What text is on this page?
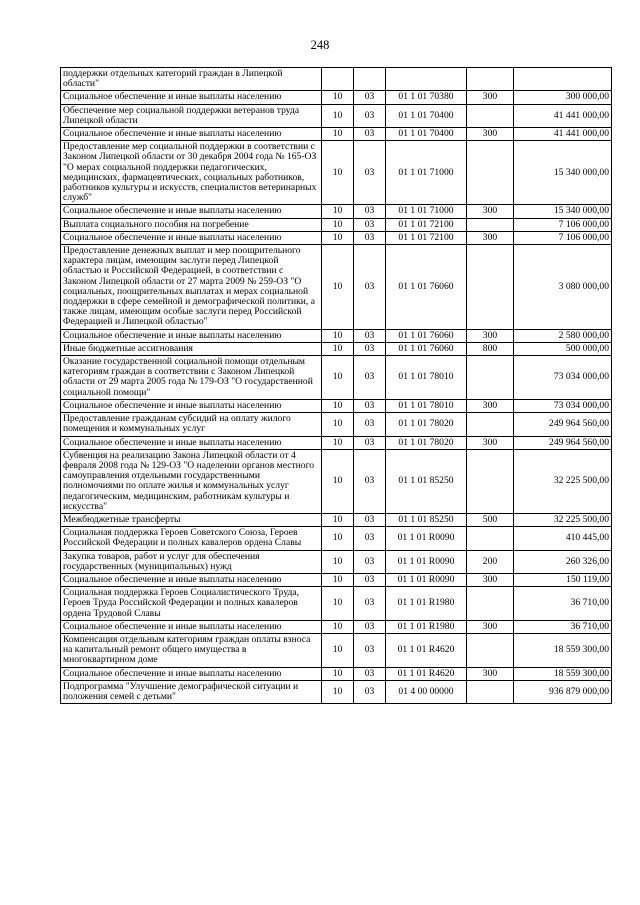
248
поддержки отдельных категорий граждан в Липецкой области"					
Социальное обеспечение и иные выплаты населению	10	03	01 1 01 70380	300	300 000,00
Обеспечение мер социальной поддержки ветеранов труда Липецкой области	10	03	01 1 01 70400		41 441 000,00
Социальное обеспечение и иные выплаты населению	10	03	01 1 01 70400	300	41 441 000,00
Предоставление мер социальной поддержки в соответствии с Законом Липецкой области от 30 декабря 2004 года № 165-ОЗ "О мерах социальной поддержки педагогических, медицинских, фармацевтических, социальных работников, работников культуры и искусств, специалистов ветеринарных служб"	10	03	01 1 01 71000		15 340 000,00
Социальное обеспечение и иные выплаты населению	10	03	01 1 01 71000	300	15 340 000,00
Выплата социального пособия на погребение	10	03	01 1 01 72100		7 106 000,00
Социальное обеспечение и иные выплаты населению	10	03	01 1 01 72100	300	7 106 000,00
Предоставление денежных выплат и мер поощрительного характера лицам, имеющим заслуги перед Липецкой областью и Российской Федерацией, в соответствии с Законом Липецкой области от 27 марта 2009 № 259-ОЗ "О социальных, поощрительных выплатах и мерах социальной поддержки в сфере семейной и демографической политики, а также лицам, имеющим особые заслуги перед Российской Федерацией и Липецкой областью"	10	03	01 1 01 76060		3 080 000,00
Социальное обеспечение и иные выплаты населению	10	03	01 1 01 76060	300	2 580 000,00
Иные бюджетные ассигнования	10	03	01 1 01 76060	800	500 000,00
Оказание государственной социальной помощи отдельным категориям граждан в соответствии с Законом Липецкой области от 29 марта 2005 года № 179-ОЗ "О государственной социальной помощи"	10	03	01 1 01 78010		73 034 000,00
Социальное обеспечение и иные выплаты населению	10	03	01 1 01 78010	300	73 034 000,00
Предоставление гражданам субсидий на оплату жилого помещения и коммунальных услуг	10	03	01 1 01 78020		249 964 560,00
Социальное обеспечение и иные выплаты населению	10	03	01 1 01 78020	300	249 964 560,00
Субвенция на реализацию Закона Липецкой области от 4 февраля 2008 года № 129-ОЗ "О наделении органов местного самоуправления отдельными государственными полномочиями по оплате жилья и коммунальных услуг педагогическим, медицинским, работникам культуры и искусства"	10	03	01 1 01 85250		32 225 500,00
Межбюджетные трансферты	10	03	01 1 01 85250	500	32 225 500,00
Социальная поддержка Героев Советского Союза, Героев Российской Федерации и полных кавалеров ордена Славы	10	03	01 1 01 R0090		410 445,00
Закупка товаров, работ и услуг для обеспечения государственных (муниципальных) нужд	10	03	01 1 01 R0090	200	260 326,00
Социальное обеспечение и иные выплаты населению	10	03	01 1 01 R0090	300	150 119,00
Социальная поддержка Героев Социалистического Труда, Героев Труда Российской Федерации и полных кавалеров ордена Трудовой Славы	10	03	01 1 01 R1980		36 710,00
Социальное обеспечение и иные выплаты населению	10	03	01 1 01 R1980	300	36 710,00
Компенсация отдельным категориям граждан оплаты взноса на капитальный ремонт общего имущества в многоквартирном доме	10	03	01 1 01 R4620		18 559 300,00
Социальное обеспечение и иные выплаты населению	10	03	01 1 01 R4620	300	18 559 300,00
Подпрограмма "Улучшение демографической ситуации и положения семей с детьми"	10	03	01 4 00 00000		936 879 000,00
